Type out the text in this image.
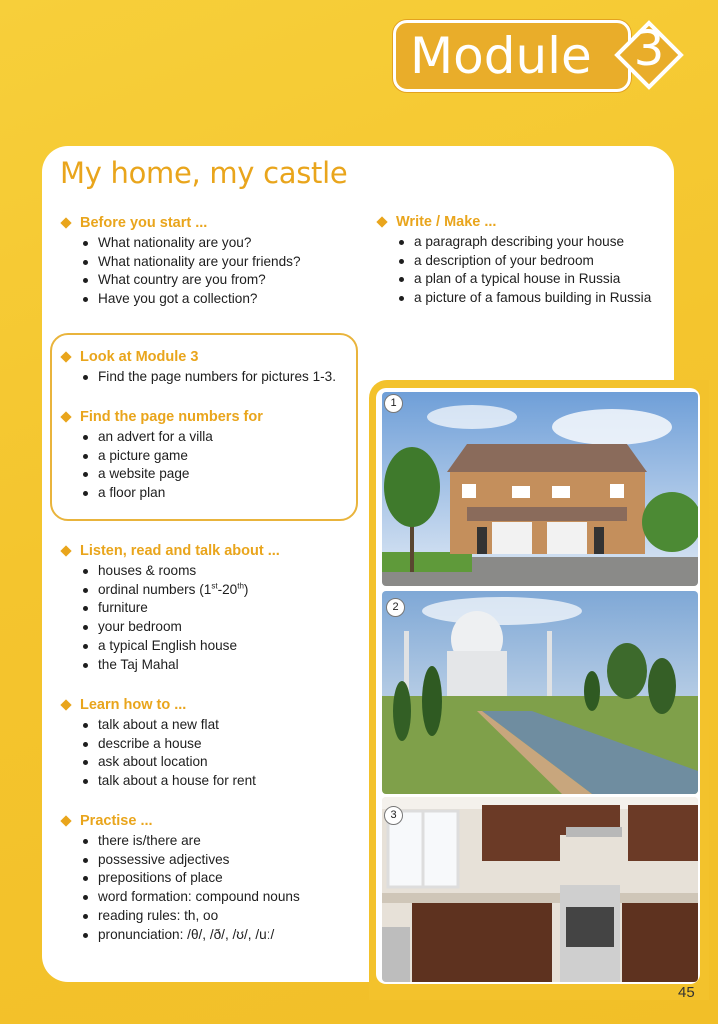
Module 3
My home, my castle
Before you start ...
What nationality are you?
What nationality are your friends?
What country are you from?
Have you got a collection?
Write / Make ...
a paragraph describing your house
a description of your bedroom
a plan of a typical house in Russia
a picture of a famous building in Russia
Look at Module 3
Find the page numbers for pictures 1-3.
Find the page numbers for
an advert for a villa
a picture game
a website page
a floor plan
Listen, read and talk about ...
houses & rooms
ordinal numbers (1st-20th)
furniture
your bedroom
a typical English house
the Taj Mahal
Learn how to ...
talk about a new flat
describe a house
ask about location
talk about a house for rent
Practise ...
there is/there are
possessive adjectives
prepositions of place
word formation: compound nouns
reading rules: th, oo
pronunciation: /θ/, /ð/, /ʊ/, /uː/
1
2
3
45
